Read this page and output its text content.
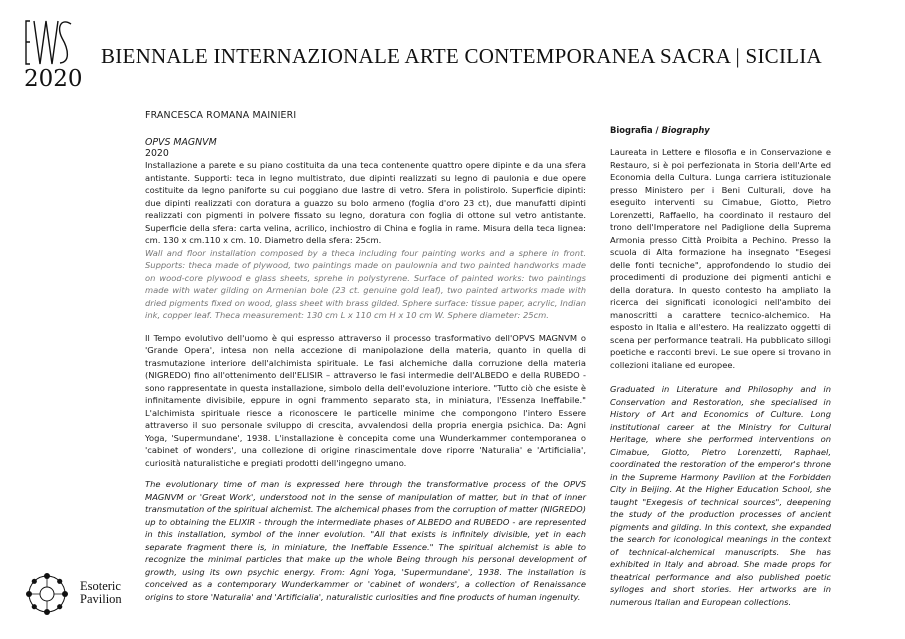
2020
BIENNALE INTERNAZIONALE ARTE CONTEMPORANEA SACRA | SICILIA
FRANCESCA ROMANA MAINIERI

OPVS MAGNVM

2020

Installazione a parete e su piano costituita da una teca contenente quattro opere dipinte e da una sfera antistante. Supporti: teca in legno multistrato, due dipinti realizzati su legno di paulonia e due opere costituite da legno paniforte su cui poggiano due lastre di vetro. Sfera in polistirolo. Superficie dipinti: due dipinti realizzati con doratura a guazzo su bolo armeno (foglia d'oro 23 ct), due manufatti dipinti realizzati con pigmenti in polvere fissato su legno, doratura con foglia di ottone sul vetro antistante. Superficie della sfera: carta velina, acrilico, inchiostro di China e foglia in rame. Misura della teca lignea: cm. 130 x cm.110 x cm. 10. Diametro della sfera: 25cm.

Wall and floor installation composed by a theca including four painting works and a sphere in front. Supports: theca made of plywood, two paintings made on paulownia and two painted handworks made on wood-core plywood e glass sheets, sprehe in polystyrene. Surface of painted works: two paintings made with water gilding on Armenian bole (23 ct. genuine gold leaf), two painted artworks made with dried pigments fixed on wood, glass sheet with brass gilded. Sphere surface: tissue paper, acrylic, Indian ink, copper leaf. Theca measurement: 130 cm L x 110 cm H x 10 cm W. Sphere diameter: 25cm.

Il Tempo evolutivo dell'uomo è qui espresso attraverso il processo trasformativo dell'OPVS MAGNVM o 'Grande Opera', intesa non nella accezione di manipolazione della materia, quanto in quella di trasmutazione interiore dell'alchimista spirituale. Le fasi alchemiche dalla corruzione della materia (NIGREDO) fino all'ottenimento dell'ELISIR – attraverso le fasi intermedie dell'ALBEDO e della RUBEDO - sono rappresentate in questa installazione, simbolo della dell'evoluzione interiore. "Tutto ciò che esiste è infinitamente divisibile, eppure in ogni frammento separato sta, in miniatura, l'Essenza Ineffabile." L'alchimista spirituale riesce a riconoscere le particelle minime che compongono l'intero Essere attraverso il suo personale sviluppo di crescita, avvalendosi della propria energia psichica. Da: Agni Yoga, 'Supermundane', 1938. L'installazione è concepita come una Wunderkammer contemporanea o 'cabinet of wonders', una collezione di origine rinascimentale dove riporre 'Naturalia' e 'Artificialia', curiosità naturalistiche e pregiati prodotti dell'ingegno umano.

The evolutionary time of man is expressed here through the transformative process of the OPVS MAGNVM or 'Great Work', understood not in the sense of manipulation of matter, but in that of inner transmutation of the spiritual alchemist. The alchemical phases from the corruption of matter (NIGREDO) up to obtaining the ELIXIR - through the intermediate phases of ALBEDO and RUBEDO - are represented in this installation, symbol of the inner evolution. "All that exists is infinitely divisible, yet in each separate fragment there is, in miniature, the Ineffable Essence." The spiritual alchemist is able to recognize the minimal particles that make up the whole Being through his personal development of growth, using its own psychic energy. From: Agni Yoga, 'Supermundane', 1938. The installation is conceived as a contemporary Wunderkammer or 'cabinet of wonders', a collection of Renaissance origins to store 'Naturalia' and 'Artificialia', naturalistic curiosities and fine products of human ingenuity.

Biografia / Biography

Laureata in Lettere e filosofia e in Conservazione e Restauro, si è poi perfezionata in Storia dell'Arte ed Economia della Cultura. Lunga carriera istituzionale presso Ministero per i Beni Culturali, dove ha eseguito interventi su Cimabue, Giotto, Pietro Lorenzetti, Raffaello, ha coordinato il restauro del trono dell'Imperatore nel Padiglione della Suprema Armonia presso Città Proibita a Pechino. Presso la scuola di Alta formazione ha insegnato "Esegesi delle fonti tecniche", approfondendo lo studio dei procedimenti di produzione dei pigmenti antichi e della doratura. In questo contesto ha ampliato la ricerca dei significati iconologici nell'ambito dei manoscritti a carattere tecnico-alchemico. Ha esposto in Italia e all'estero. Ha realizzato oggetti di scena per performance teatrali. Ha pubblicato sillogi poetiche e racconti brevi. Le sue opere si trovano in collezioni italiane ed europee.

Graduated in Literature and Philosophy and in Conservation and Restoration, she specialised in History of Art and Economics of Culture. Long institutional career at the Ministry for Cultural Heritage, where she performed interventions on Cimabue, Giotto, Pietro Lorenzetti, Raphael, coordinated the restoration of the emperor's throne in the Supreme Harmony Pavilion at the Forbidden City in Beijing. At the Higher Education School, she taught "Exegesis of technical sources", deepening the study of the production processes of ancient pigments and gilding. In this context, she expanded the search for iconological meanings in the context of technical-alchemical manuscripts. She has exhibited in Italy and abroad. She made props for theatrical performance and also published poetic sylloges and short stories. Her artworks are in numerous Italian and European collections.

Esoteric
Pavilion
